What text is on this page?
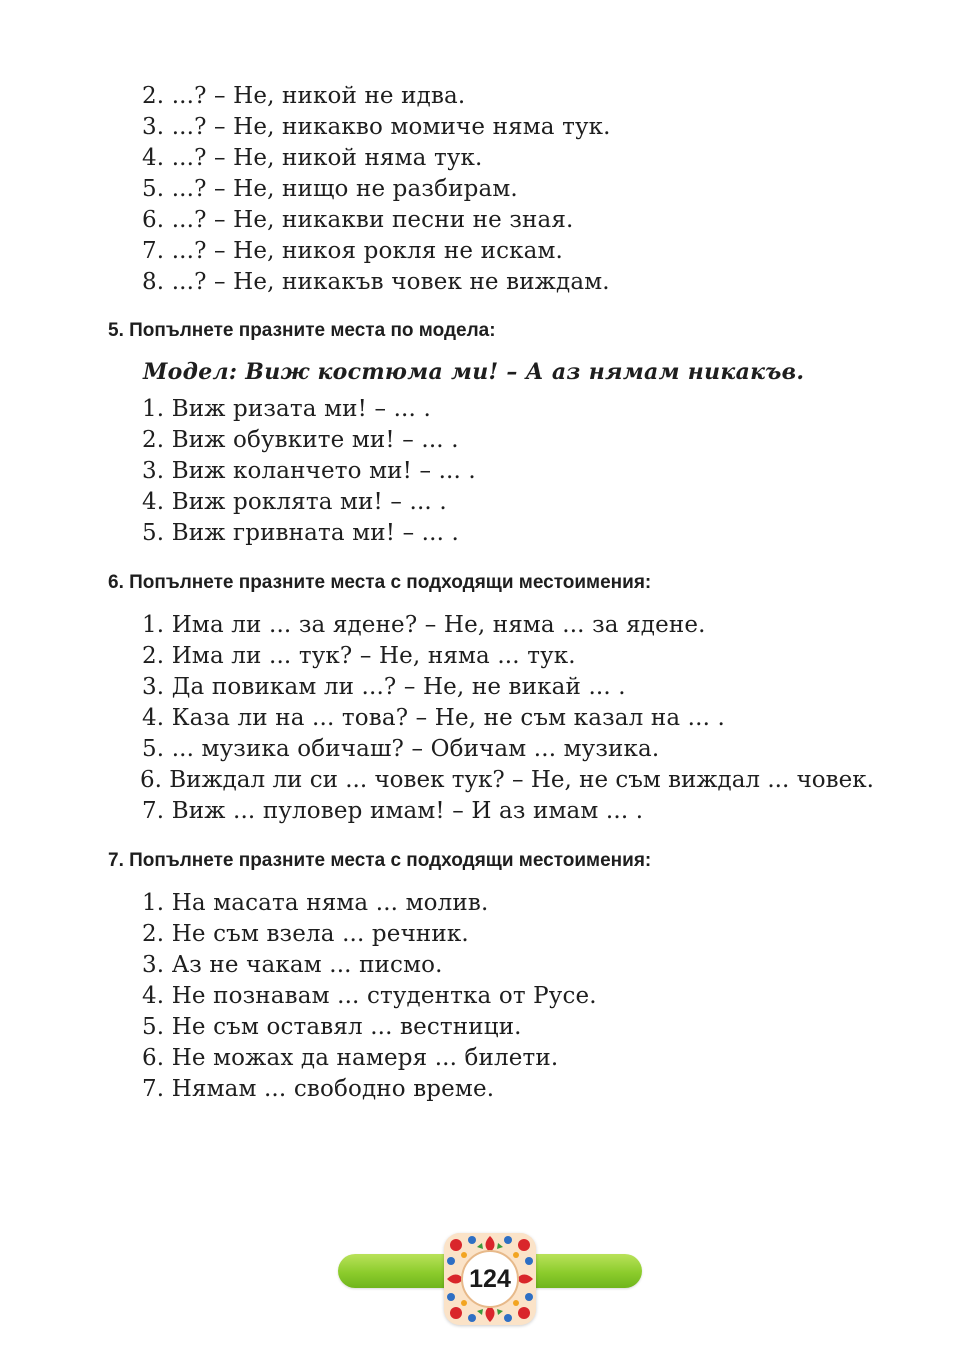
2. ...? – Не, никой не идва.

3. ...? – Не, никакво момиче няма тук.

4. ...? – Не, никой няма тук.

5. ...? – Не, нищо не разбирам.

6. ...? – Не, никакви песни не зная.

7. ...? – Не, никоя рокля не искам.

8. ...? – Не, никакъв човек не виждам.

5. Попълнете празните места по модела:

Модел: Виж костюма ми! – А аз нямам никакъв.

1. Виж ризата ми! – ... .

2. Виж обувките ми! – ... .

3. Виж коланчето ми! – ... .

4. Виж роклята ми! – ... .

5. Виж гривната ми! – ... .

6. Попълнете празните места с подходящи местоимения:

1. Има ли ... за ядене? – Не, няма ... за ядене.

2. Има ли ... тук? – Не, няма ... тук.

3. Да повикам ли ...? – Не, не викай ... .

4. Каза ли на ... това? – Не, не съм казал на ... .

5. ... музика обичаш? – Обичам ... музика.

6. Виждал ли си ... човек тук? – Не, не съм виждал ... човек.

7. Виж ... пуловер имам! – И аз имам ... .

7. Попълнете празните места с подходящи местоимения:

1. На масата няма ... молив.

2. Не съм взела ... речник.

3. Аз не чакам ... писмо.

4. Не познавам ... студентка от Русе.

5. Не съм оставял ... вестници.

6. Не можах да намеря ... билети.

7. Нямам ... свободно време.

124
